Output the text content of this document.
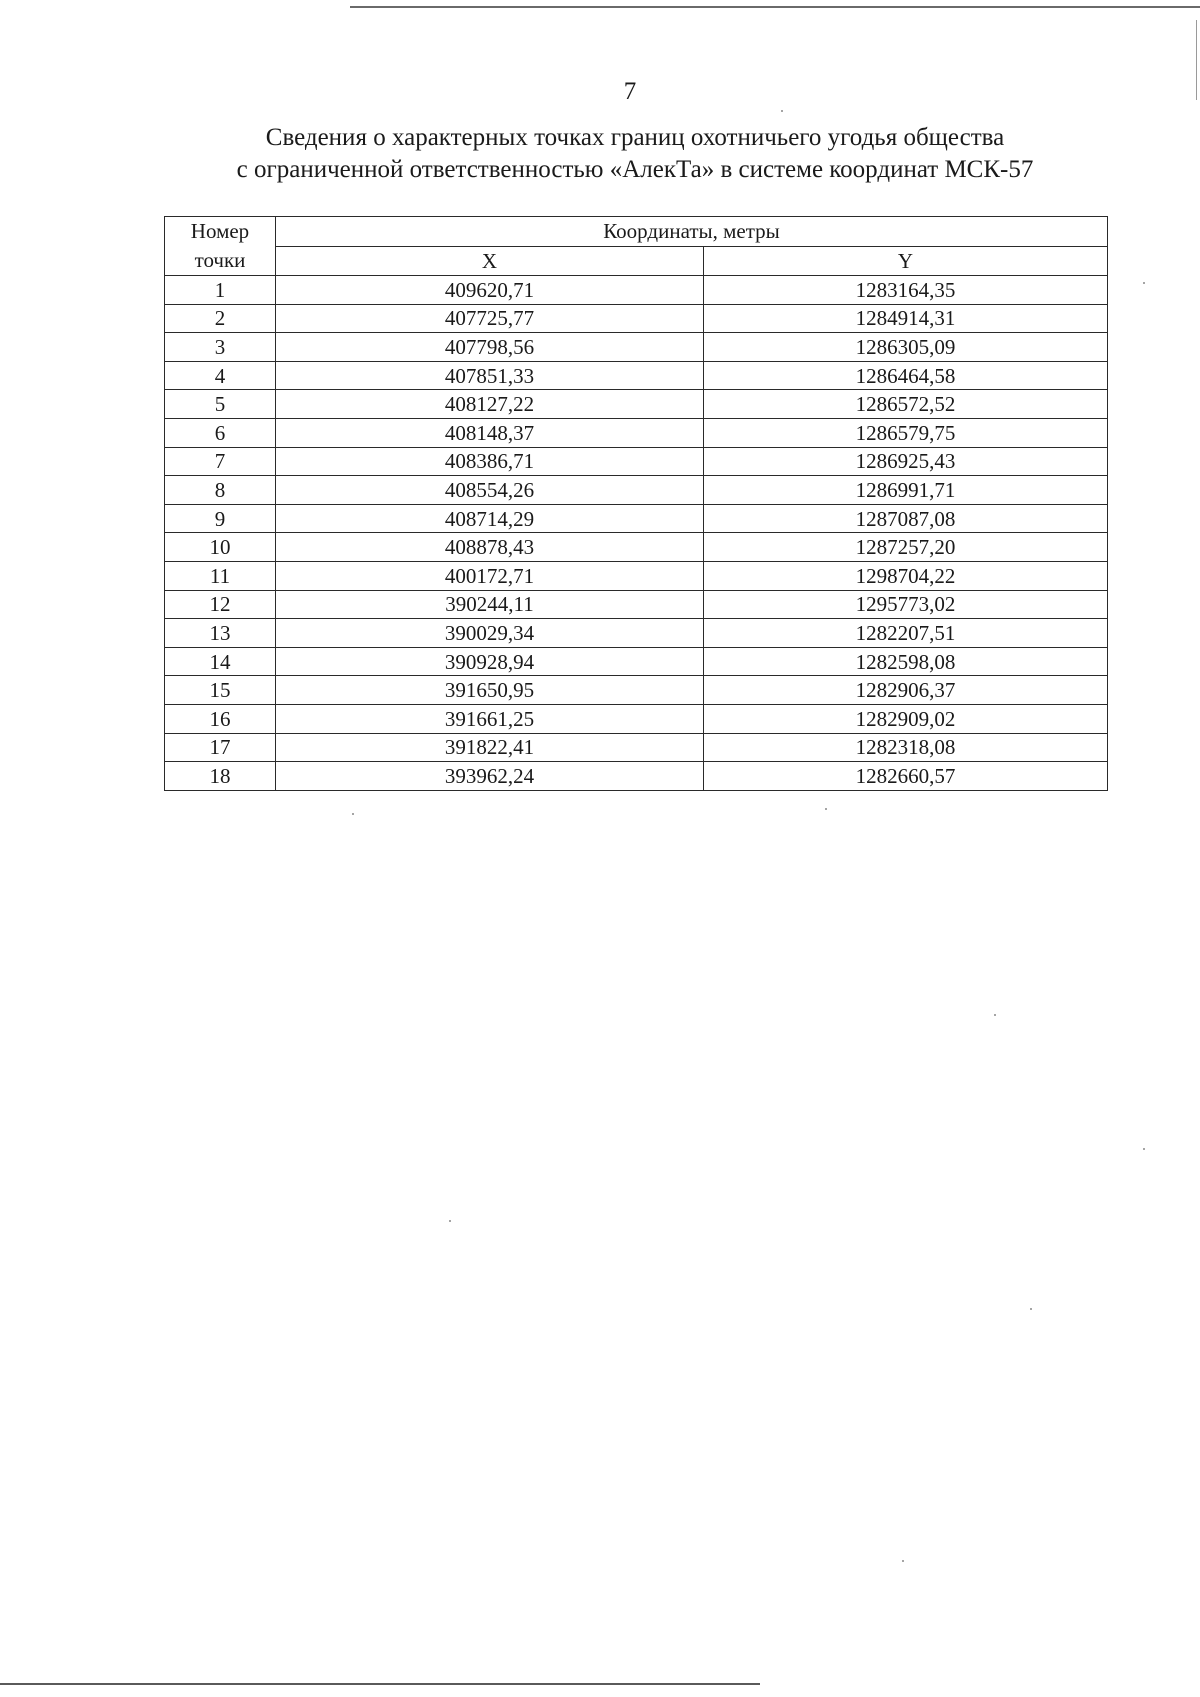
7
Сведения о характерных точках границ охотничьего угодья общества
с ограниченной ответственностью «АлекТа» в системе координат МСК-57
Номер
точки	Координаты, метры	
	X	Y
1	409620,71	1283164,35
2	407725,77	1284914,31
3	407798,56	1286305,09
4	407851,33	1286464,58
5	408127,22	1286572,52
6	408148,37	1286579,75
7	408386,71	1286925,43
8	408554,26	1286991,71
9	408714,29	1287087,08
10	408878,43	1287257,20
11	400172,71	1298704,22
12	390244,11	1295773,02
13	390029,34	1282207,51
14	390928,94	1282598,08
15	391650,95	1282906,37
16	391661,25	1282909,02
17	391822,41	1282318,08
18	393962,24	1282660,57
